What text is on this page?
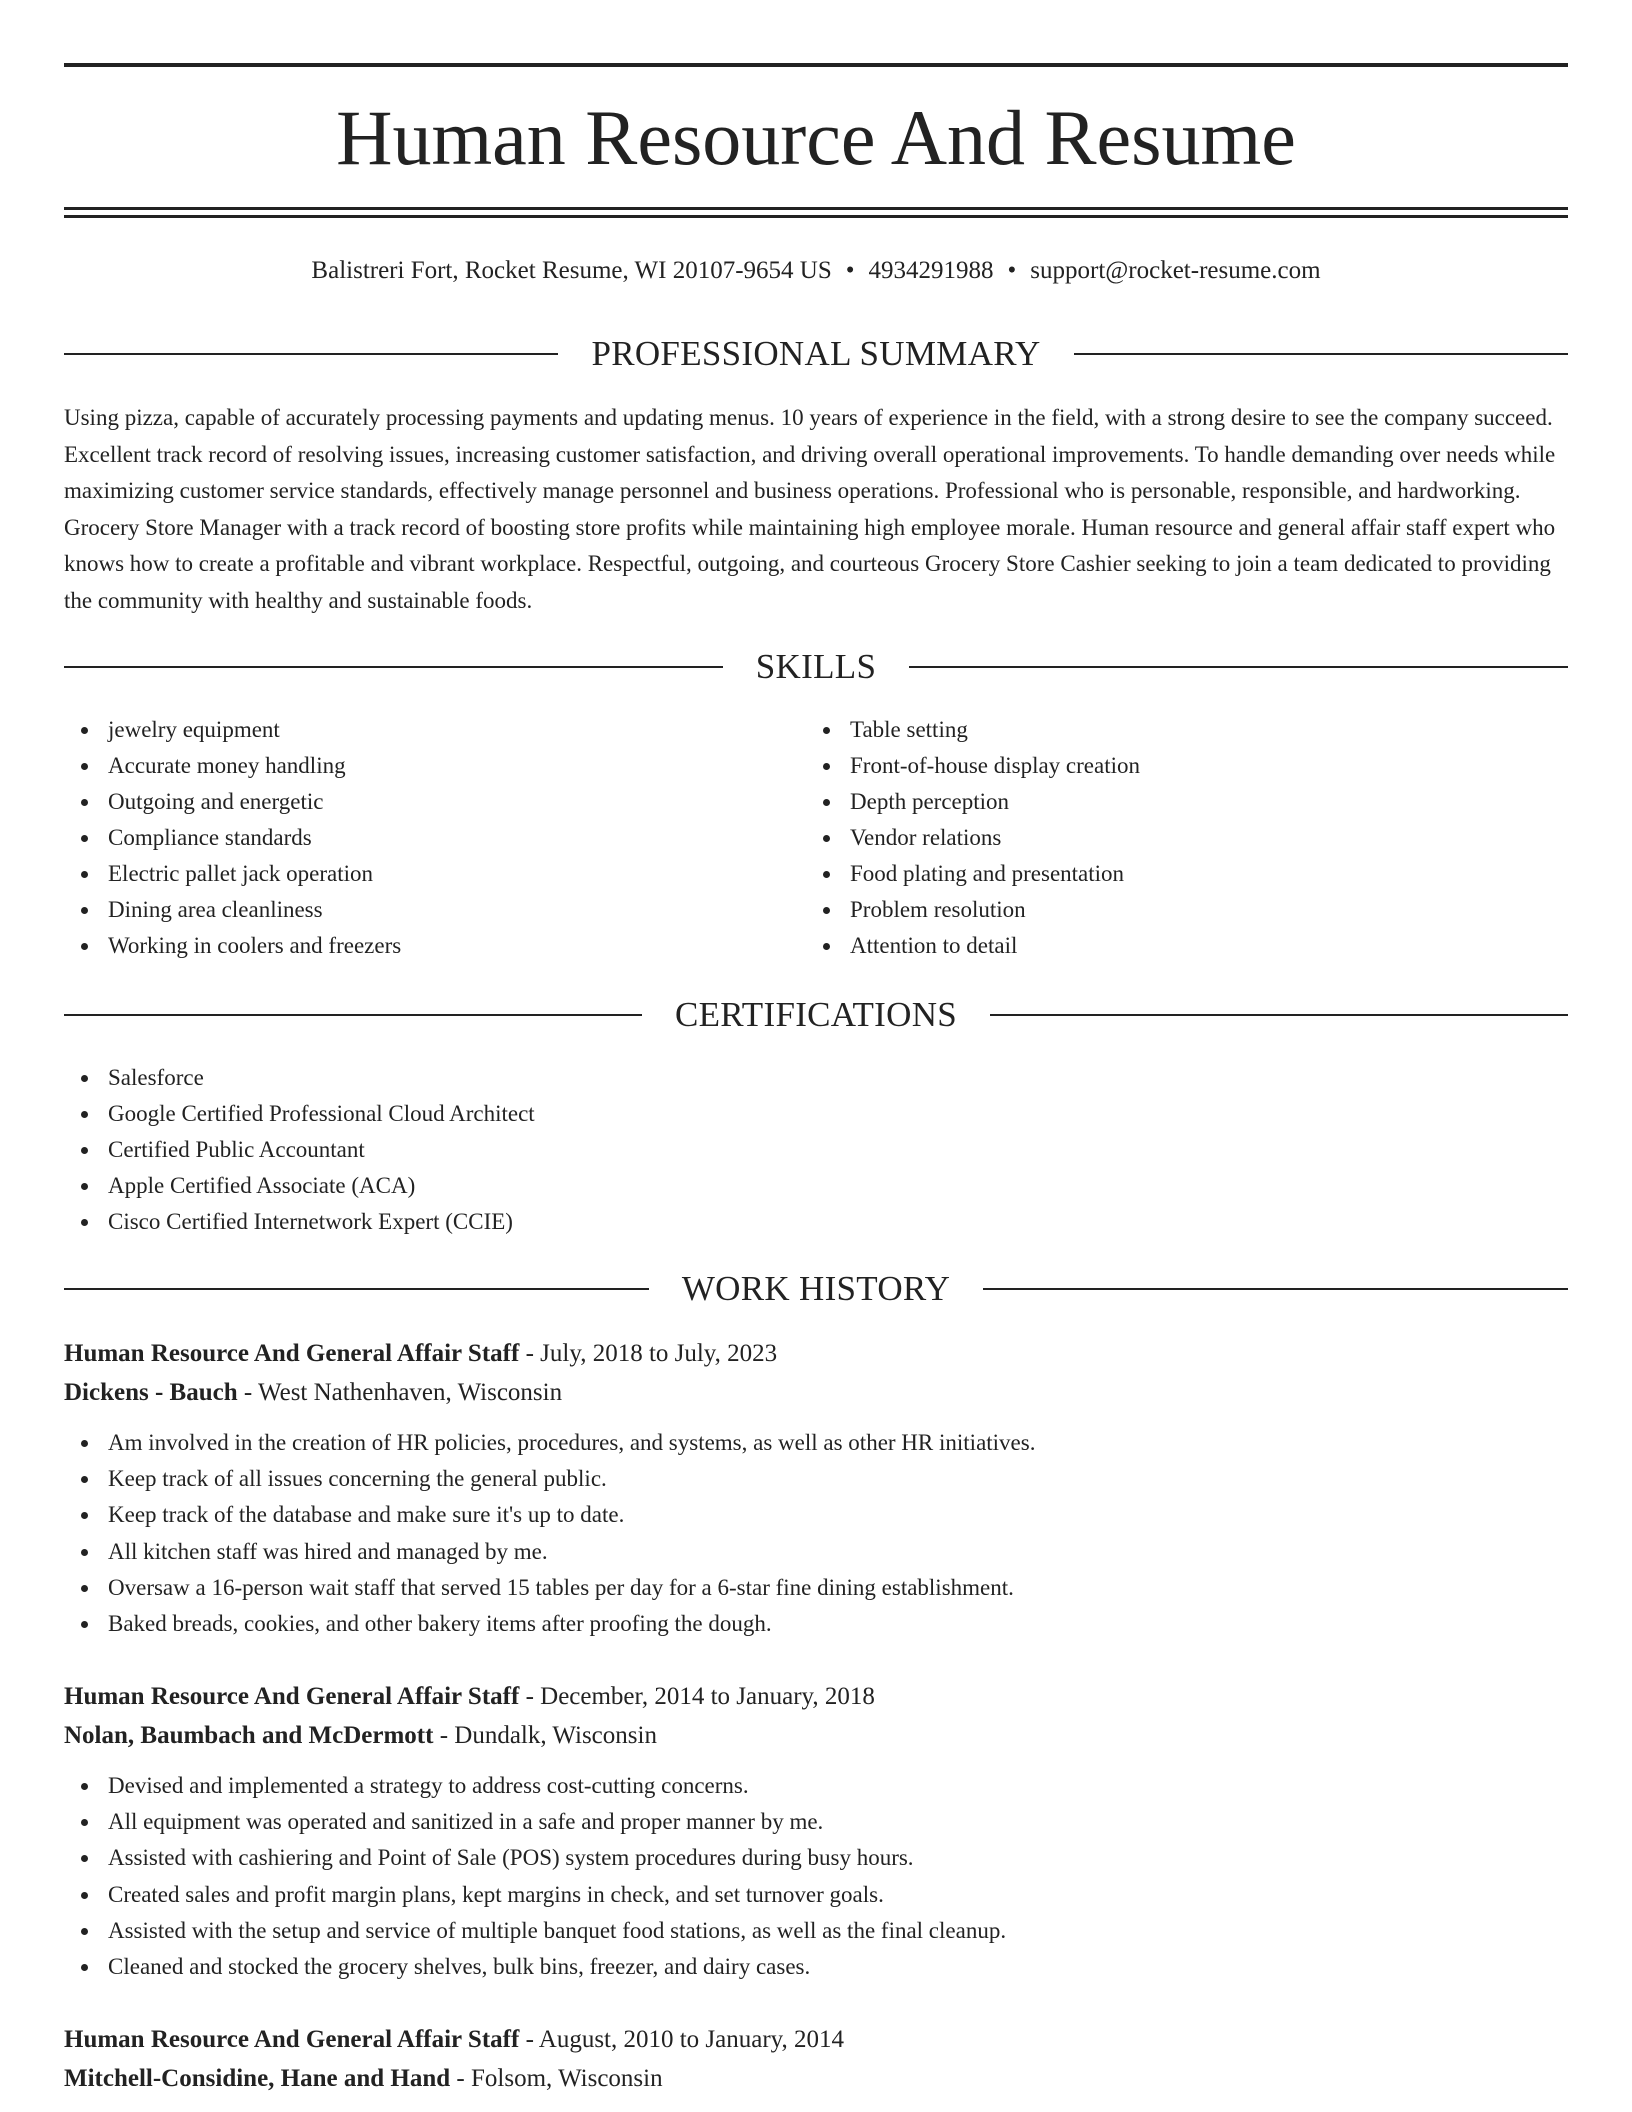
Human Resource And Resume
Balistreri Fort, Rocket Resume, WI 20107-9654 US • 4934291988 • support@rocket-resume.com
PROFESSIONAL SUMMARY

Using pizza, capable of accurately processing payments and updating menus. 10 years of experience in the field, with a strong desire to see the company succeed. Excellent track record of resolving issues, increasing customer satisfaction, and driving overall operational improvements. To handle demanding over needs while maximizing customer service standards, effectively manage personnel and business operations. Professional who is personable, responsible, and hardworking. Grocery Store Manager with a track record of boosting store profits while maintaining high employee morale. Human resource and general affair staff expert who knows how to create a profitable and vibrant workplace. Respectful, outgoing, and courteous Grocery Store Cashier seeking to join a team dedicated to providing the community with healthy and sustainable foods.

SKILLS
jewelry equipment
Accurate money handling
Outgoing and energetic
Compliance standards
Electric pallet jack operation
Dining area cleanliness
Working in coolers and freezers
Table setting
Front-of-house display creation
Depth perception
Vendor relations
Food plating and presentation
Problem resolution
Attention to detail
CERTIFICATIONS
Salesforce
Google Certified Professional Cloud Architect
Certified Public Accountant
Apple Certified Associate (ACA)
Cisco Certified Internetwork Expert (CCIE)
WORK HISTORY
Human Resource And General Affair Staff - July, 2018 to July, 2023
Dickens - Bauch - West Nathenhaven, Wisconsin
Am involved in the creation of HR policies, procedures, and systems, as well as other HR initiatives.
Keep track of all issues concerning the general public.
Keep track of the database and make sure it's up to date.
All kitchen staff was hired and managed by me.
Oversaw a 16-person wait staff that served 15 tables per day for a 6-star fine dining establishment.
Baked breads, cookies, and other bakery items after proofing the dough.
Human Resource And General Affair Staff - December, 2014 to January, 2018
Nolan, Baumbach and McDermott - Dundalk, Wisconsin
Devised and implemented a strategy to address cost-cutting concerns.
All equipment was operated and sanitized in a safe and proper manner by me.
Assisted with cashiering and Point of Sale (POS) system procedures during busy hours.
Created sales and profit margin plans, kept margins in check, and set turnover goals.
Assisted with the setup and service of multiple banquet food stations, as well as the final cleanup.
Cleaned and stocked the grocery shelves, bulk bins, freezer, and dairy cases.
Human Resource And General Affair Staff - August, 2010 to January, 2014
Mitchell-Considine, Hane and Hand - Folsom, Wisconsin
